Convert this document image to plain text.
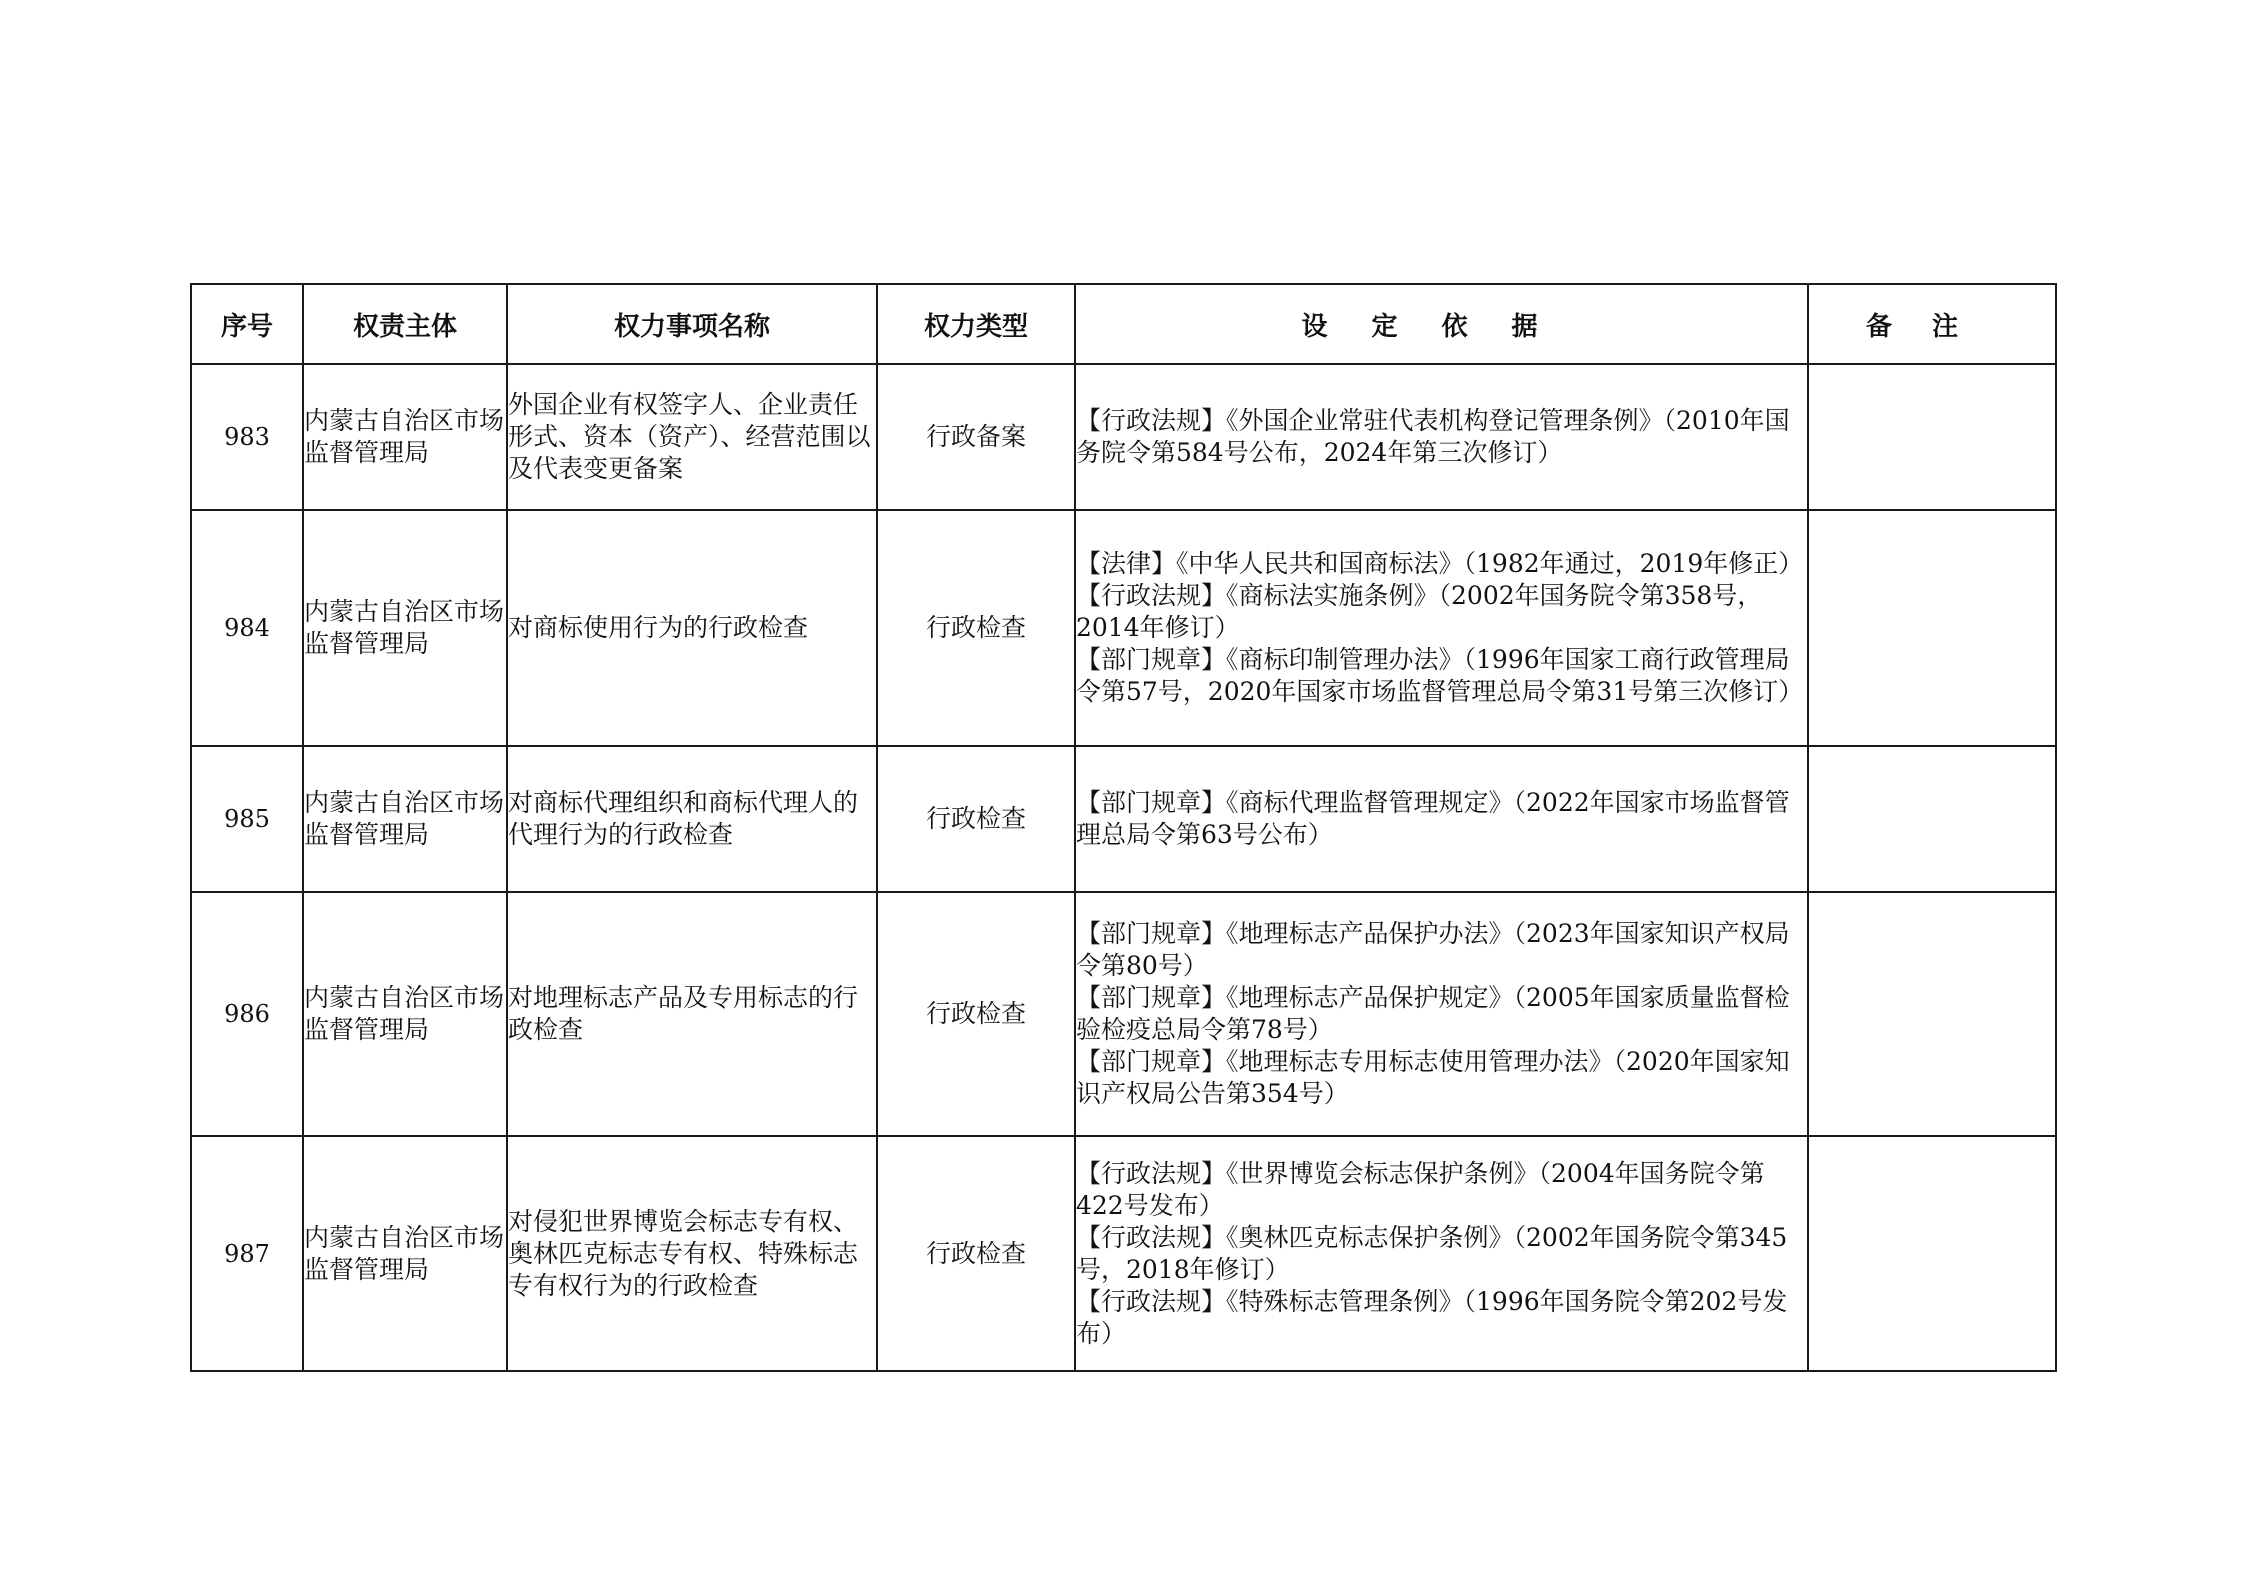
序号	权责主体	权力事项名称	权力类型	设定依据	备注
983	内蒙古自治区市场监督管理局	外国企业有权签字人、企业责任形式、资本（资产）、经营范围以及代表变更备案	行政备案	【行政法规】《外国企业常驻代表机构登记管理条例》（2010年国务院令第584号公布，2024年第三次修订）	

984	内蒙古自治区市场监督管理局	对商标使用行为的行政检查	行政检查	【法律】《中华人民共和国商标法》（1982年通过，2019年修正）
【行政法规】《商标法实施条例》（2002年国务院令第358号，2014年修订）
【部门规章】《商标印制管理办法》（1996年国家工商行政管理局令第57号，2020年国家市场监督管理总局令第31号第三次修订）	

985	内蒙古自治区市场监督管理局	对商标代理组织和商标代理人的代理行为的行政检查	行政检查	【部门规章】《商标代理监督管理规定》（2022年国家市场监督管理总局令第63号公布）	

986	内蒙古自治区市场监督管理局	对地理标志产品及专用标志的行政检查	行政检查	【部门规章】《地理标志产品保护办法》（2023年国家知识产权局令第80号）
【部门规章】《地理标志产品保护规定》（2005年国家质量监督检验检疫总局令第78号）
【部门规章】《地理标志专用标志使用管理办法》（2020年国家知识产权局公告第354号）	

987	内蒙古自治区市场监督管理局	对侵犯世界博览会标志专有权、奥林匹克标志专有权、特殊标志专有权行为的行政检查	行政检查	【行政法规】《世界博览会标志保护条例》（2004年国务院令第422号发布）
【行政法规】《奥林匹克标志保护条例》（2002年国务院令第345号，2018年修订）
【行政法规】《特殊标志管理条例》（1996年国务院令第202号发布）	
